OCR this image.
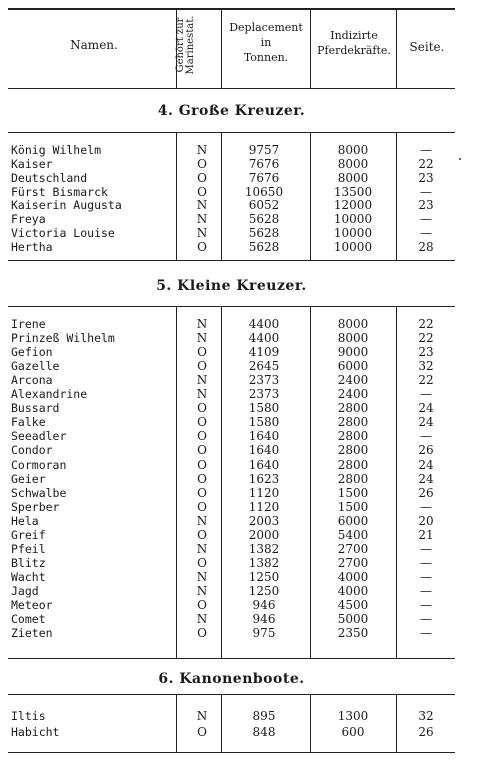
Namen.	Gehört zur Marinestat.	Deplacement
in
Tonnen.
Indizirte
Pferdekräfte.	Seite.
4. Große Kreuzer.
König Wilhelm	N	9757	8000	—
Kaiser	O	7676	8000	22
Deutschland	O	7676	8000	23
Fürst Bismarck	O	10650	13500	—
Kaiserin Augusta	N	6052	12000	23
Freya	N	5628	10000	—
Victoria Louise	N	5628	10000	—
Hertha	O	5628	10000	28
5. Kleine Kreuzer.
Irene	N	4400	8000	22
Prinzeß Wilhelm	N	4400	8000	22
Gefion	O	4109	9000	23
Gazelle	O	2645	6000	32
Arcona	N	2373	2400	22
Alexandrine	N	2373	2400	—
Bussard	O	1580	2800	24
Falke	O	1580	2800	24
Seeadler	O	1640	2800	—
Condor	O	1640	2800	26
Cormoran	O	1640	2800	24
Geier	O	1623	2800	24
Schwalbe	O	1120	1500	26
Sperber	O	1120	1500	—
Hela	N	2003	6000	20
Greif	O	2000	5400	21
Pfeil	N	1382	2700	—
Blitz	O	1382	2700	—
Wacht	N	1250	4000	—
Jagd	N	1250	4000	—
Meteor	O	946	4500	—
Comet	N	946	5000	—
Zieten	O	975	2350	—
6. Kanonenboote.
Iltis	N	895	1300	32
Habicht	O	848	600	26
